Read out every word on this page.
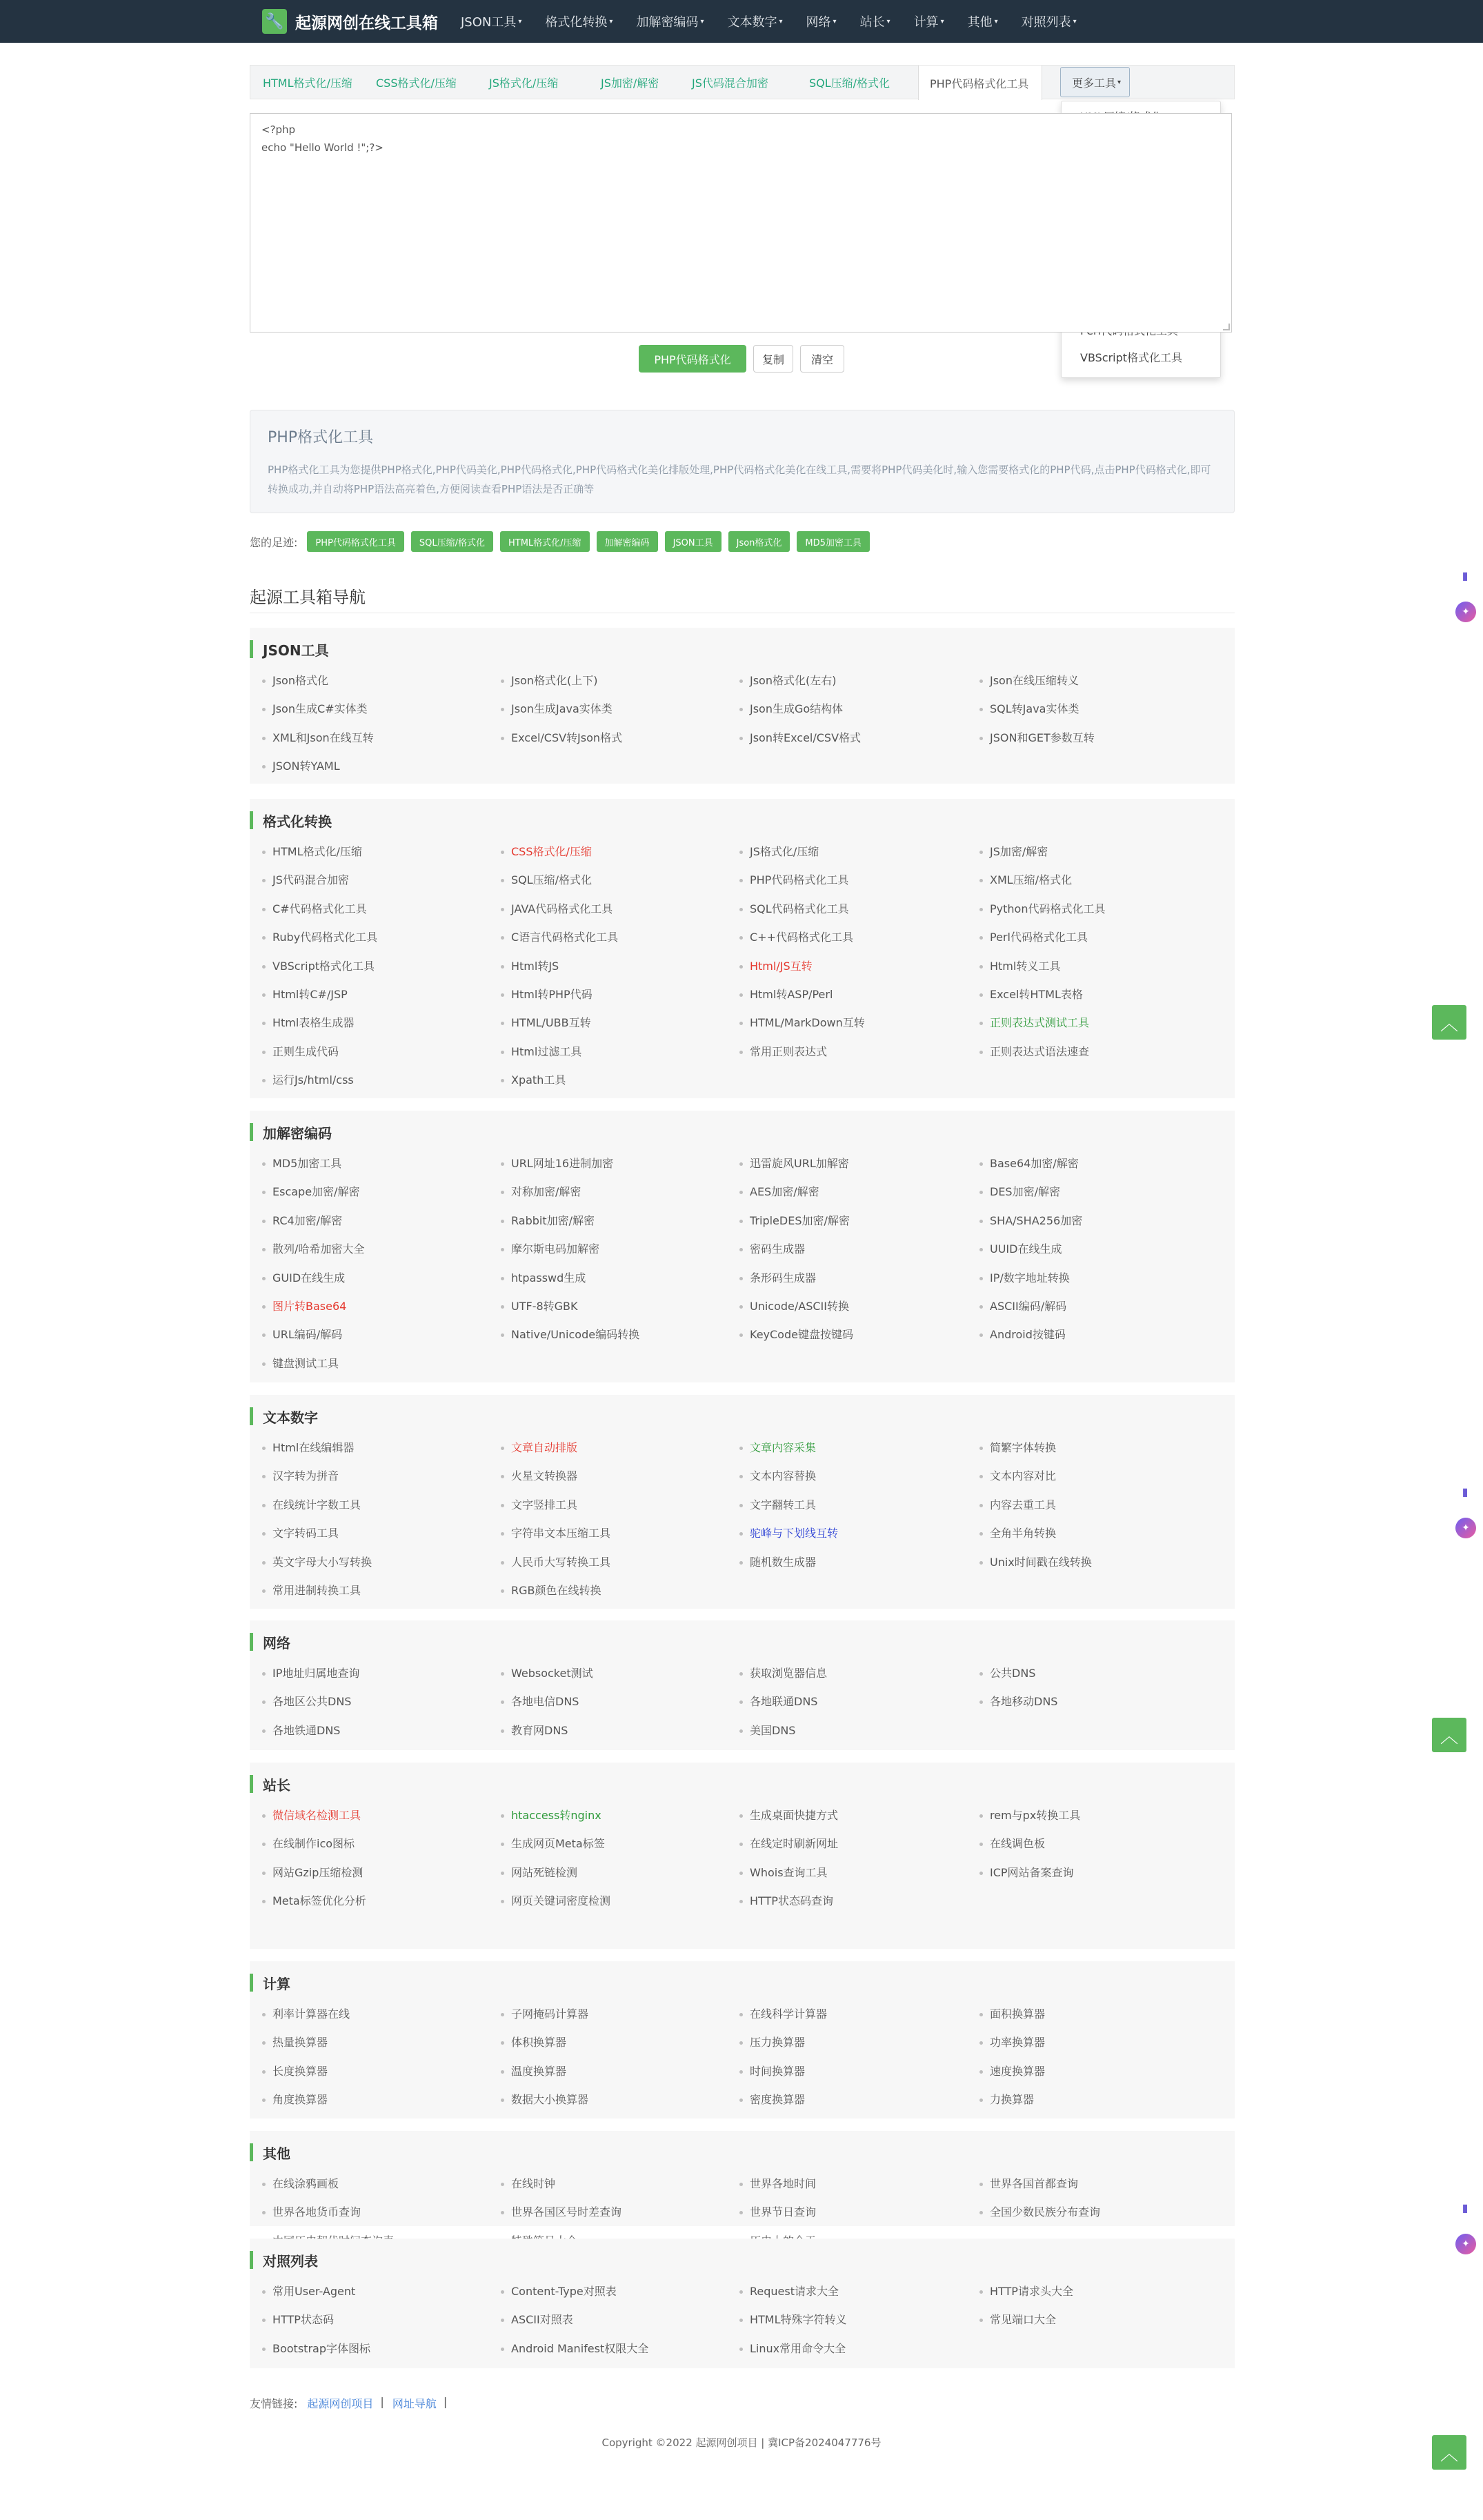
🔧 起源网创在线工具箱 JSON工具 ▾ 格式化转换 ▾ 加解密编码 ▾ 文本数字 ▾ 网络 ▾ 站长 ▾ 计算 ▾ 其他 ▾ 对照列表 ▾
HTML格式化/压缩 CSS格式化/压缩	JS格式化/压缩	JS加密/解密	JS代码混合加密	SQL压缩/格式化	PHP代码格式化工具	更多工具 ▾
VBScript格式化工具
<?php
echo "Hello World !";?>
PHP代码格式化	复制	清空
PHP格式化工具
PHP格式化工具为您提供PHP格式化,PHP代码美化,PHP代码格式化,PHP代码格式化美化排版处理,PHP代码格式化美化在线工具,需要将PHP代码美化时,输入您需要格式化的PHP代码,点击PHP代码格式化,即可转换成功,并自动将PHP语法高亮着色,方便阅读查看PHP语法是否正确等
您的足迹:	PHP代码格式化工具	SQL压缩/格式化	HTML格式化/压缩	加解密编码	JSON工具	Json格式化	MD5加密工具
起源工具箱导航
JSON工具
Json格式化	Json格式化(上下)	Json格式化(左右)	Json在线压缩转义
Json生成C#实体类	Json生成Java实体类	Json生成Go结构体	SQL转Java实体类
XML和Json在线互转	Excel/CSV转Json格式	Json转Excel/CSV格式	JSON和GET参数互转
JSON转YAML
格式化转换
HTML格式化/压缩	CSS格式化/压缩	JS格式化/压缩	JS加密/解密
JS代码混合加密	SQL压缩/格式化	PHP代码格式化工具	XML压缩/格式化
C#代码格式化工具	JAVA代码格式化工具	SQL代码格式化工具	Python代码格式化工具
Ruby代码格式化工具	C语言代码格式化工具	C++代码格式化工具	Perl代码格式化工具
VBScript格式化工具	Html转JS	Html/JS互转	Html转义工具
Html转C#/JSP	Html转PHP代码	Html转ASP/Perl	Excel转HTML表格
Html表格生成器	HTML/UBB互转	HTML/MarkDown互转	正则表达式测试工具
正则生成代码	Html过滤工具	常用正则表达式	正则表达式语法速查
运行Js/html/css	Xpath工具
加解密编码
MD5加密工具	URL网址16进制加密	迅雷旋风URL加解密	Base64加密/解密
Escape加密/解密	对称加密/解密	AES加密/解密	DES加密/解密
RC4加密/解密	Rabbit加密/解密	TripleDES加密/解密	SHA/SHA256加密
散列/哈希加密大全	摩尔斯电码加解密	密码生成器	UUID在线生成
GUID在线生成	htpasswd生成	条形码生成器	IP/数字地址转换
图片转Base64	UTF-8转GBK	Unicode/ASCII转换	ASCII编码/解码
URL编码/解码	Native/Unicode编码转换	KeyCode键盘按键码	Android按键码
键盘测试工具
文本数字
Html在线编辑器	文章自动排版	文章内容采集	简繁字体转换
汉字转为拼音	火星文转换器	文本内容替换	文本内容对比
在线统计字数工具	文字竖排工具	文字翻转工具	内容去重工具
文字转码工具	字符串文本压缩工具	驼峰与下划线互转	全角半角转换
英文字母大小写转换	人民币大写转换工具	随机数生成器	Unix时间戳在线转换
常用进制转换工具	RGB颜色在线转换
网络
IP地址归属地查询	Websocket测试	获取浏览器信息	公共DNS
各地区公共DNS	各地电信DNS	各地联通DNS	各地移动DNS
各地铁通DNS	教育网DNS	美国DNS
站长
微信域名检测工具	htaccess转nginx	生成桌面快捷方式	rem与px转换工具
在线制作ico图标	生成网页Meta标签	在线定时刷新网址	在线调色板
网站Gzip压缩检测	网站死链检测	Whois查询工具	ICP网站备案查询
Meta标签优化分析	网页关键词密度检测	HTTP状态码查询
计算
利率计算器在线	子网掩码计算器	在线科学计算器	面积换算器
热量换算器	体积换算器	压力换算器	功率换算器
长度换算器	温度换算器	时间换算器	速度换算器
角度换算器	数据大小换算器	密度换算器	力换算器
其他
在线涂鸦画板	在线时钟	世界各地时间	世界各国首都查询
世界各地货币查询	世界各国区号时差查询	世界节日查询	全国少数民族分布查询
对照列表
常用User-Agent	Content-Type对照表	Request请求大全	HTTP请求头大全
HTTP状态码	ASCII对照表	HTML特殊字符转义	常见端口大全
Bootstrap字体图标	Android Manifest权限大全	Linux常用命令大全
友情链接: 起源网创项目 | 网址导航 |
Copyright ©2022 起源网创项目 | 冀ICP备2024047776号
︿
︿
︿
▮
✦
▮
✦
▮
✦
